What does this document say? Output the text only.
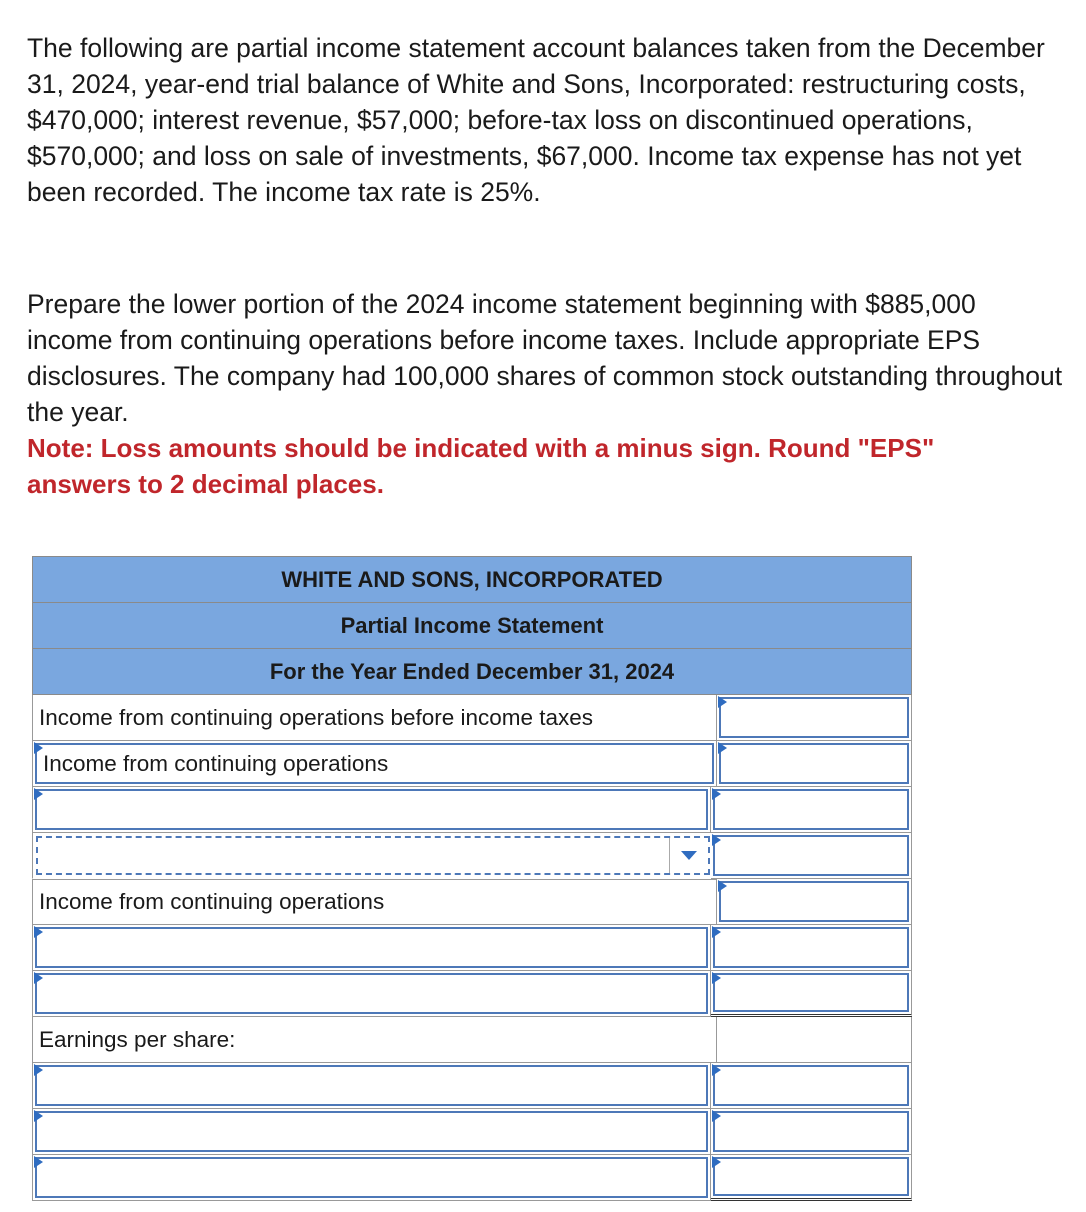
The following are partial income statement account balances taken from the December 31, 2024, year-end trial balance of White and Sons, Incorporated: restructuring costs, $470,000; interest revenue, $57,000; before-tax loss on discontinued operations, $570,000; and loss on sale of investments, $67,000. Income tax expense has not yet been recorded. The income tax rate is 25%.

Prepare the lower portion of the 2024 income statement beginning with $885,000 income from continuing operations before income taxes. Include appropriate EPS disclosures. The company had 100,000 shares of common stock outstanding throughout the year.

Note: Loss amounts should be indicated with a minus sign. Round "EPS" answers to 2 decimal places.

WHITE AND SONS, INCORPORATED
Partial Income Statement
For the Year Ended December 31, 2024
Income from continuing operations before income taxes
Income from continuing operations
Income from continuing operations
Earnings per share:
